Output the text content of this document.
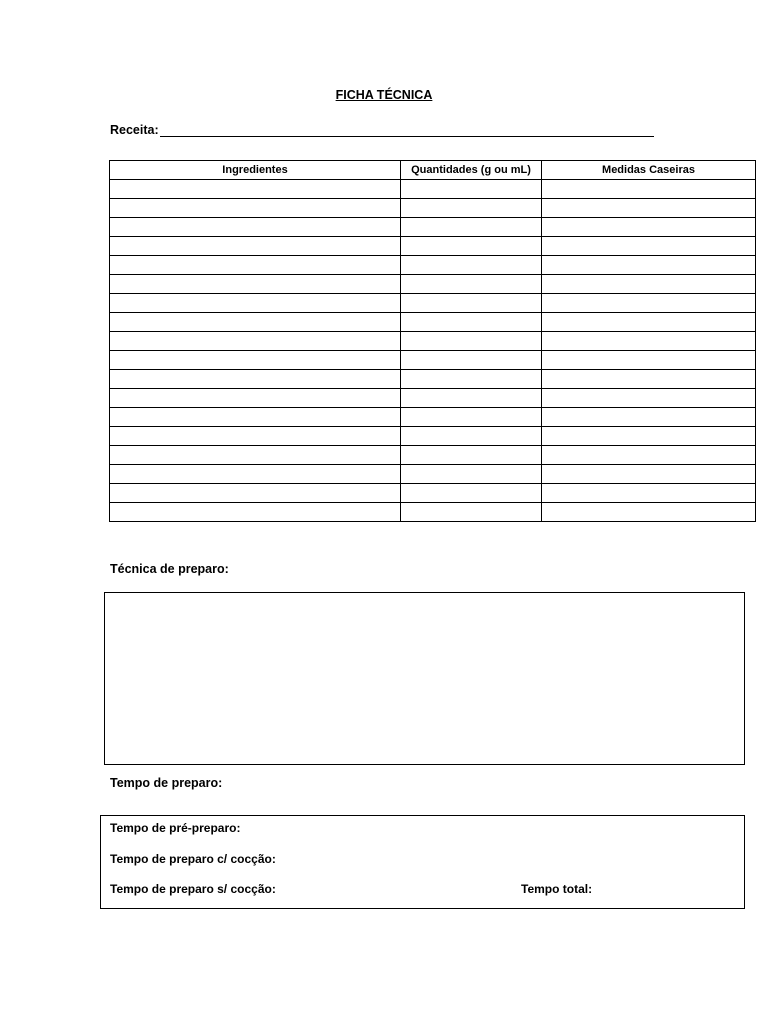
FICHA TÉCNICA
Receita:
Ingredientes	Quantidades (g ou mL)	Medidas Caseiras

Técnica de preparo:
Tempo de preparo:
Tempo de pré-preparo:
Tempo de preparo c/ cocção:
Tempo de preparo s/ cocção:	Tempo total:
